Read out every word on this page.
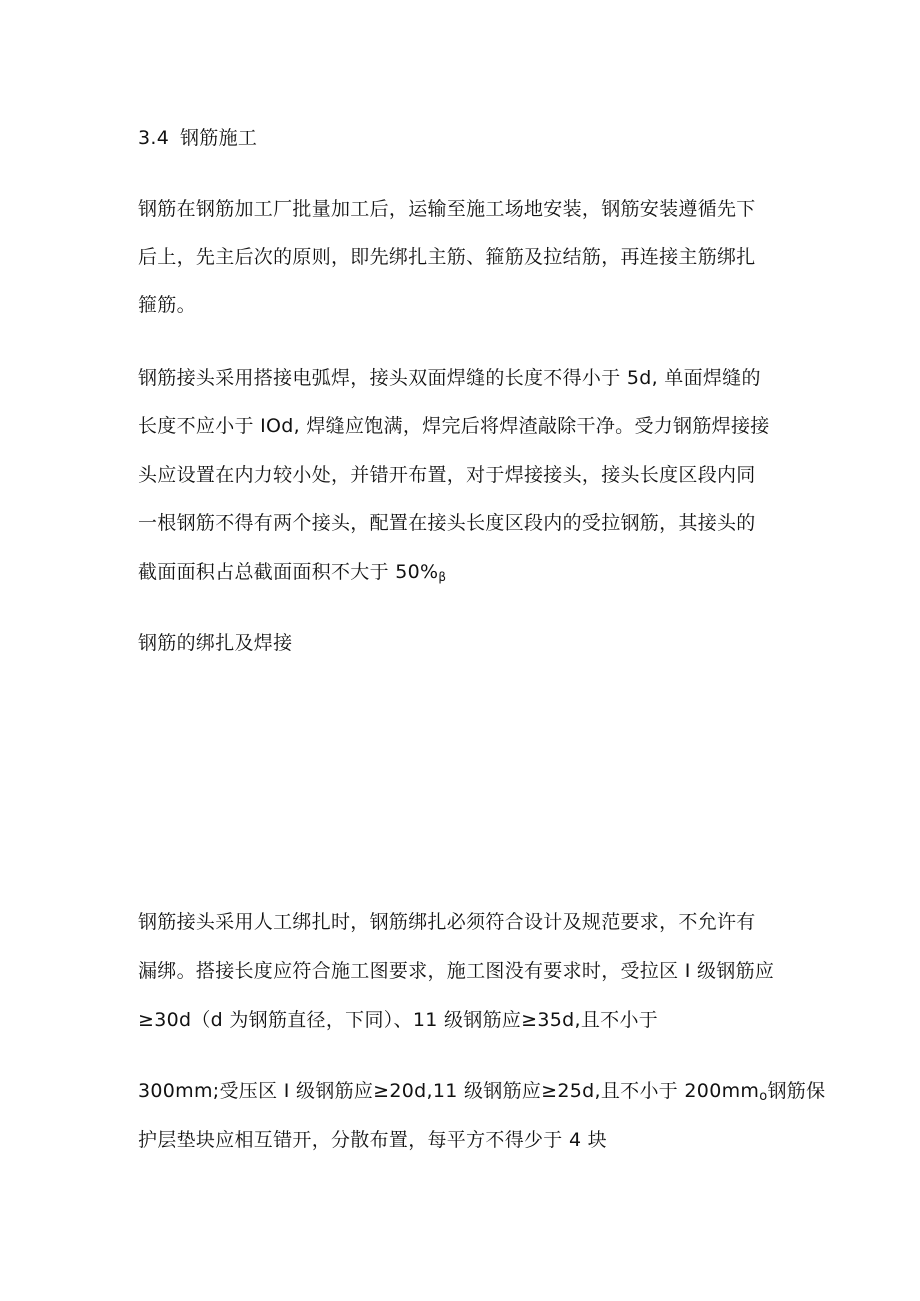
3.4 钢筋施工
钢筋在钢筋加工厂批量加工后，运输至施工场地安装，钢筋安装遵循先下
后上，先主后次的原则，即先绑扎主筋、箍筋及拉结筋，再连接主筋绑扎
箍筋。
钢筋接头采用搭接电弧焊，接头双面焊缝的长度不得小于 5d, 单面焊缝的
长度不应小于 IOd, 焊缝应饱满，焊完后将焊渣敲除干净。受力钢筋焊接接
头应设置在内力较小处，并错开布置，对于焊接接头，接头长度区段内同
一根钢筋不得有两个接头，配置在接头长度区段内的受拉钢筋，其接头的
截面面积占总截面面积不大于 $50\%_\beta$
钢筋的绑扎及焊接
钢筋接头采用人工绑扎时，钢筋绑扎必须符合设计及规范要求，不允许有
漏绑。搭接长度应符合施工图要求，施工图没有要求时，受拉区 I 级钢筋应
≥30d（d 为钢筋直径，下同）、11 级钢筋应≥35d,且不小于
300mm;受压区 I 级钢筋应≥20d,11 级钢筋应≥25d,且不小于 200mmo钢筋保
护层垫块应相互错开，分散布置，每平方不得少于 4 块
